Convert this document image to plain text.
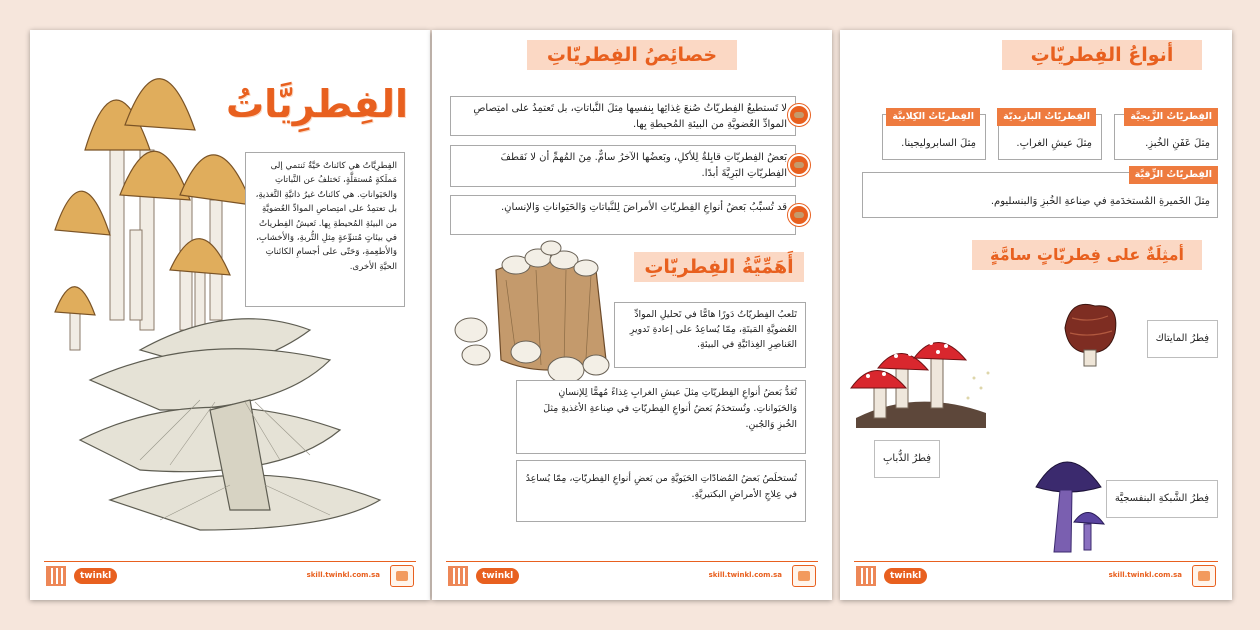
الفِطرِيَّاتُ
الفِطرِيَّاتُ هي كائناتٌ حَيَّةٌ تَنتمي إلى مَملَكةٍ مُستقلَّةٍ، تَختلفُ عن النَّباتاتِ وَالحَيَواناتِ. هي كائناتٌ غيرُ ذاتيَّةِ التَّغذيةِ، بل تعتمِدُ على امتِصاصِ الموادِّ العُضويَّةِ من البيئةِ المُحيطةِ بِها. تَعيشُ الفِطرياتُ في بيئاتٍ مُتنوِّعةٍ مِثلِ التُّربةِ، وَالأخشابِ، وَالأطعِمةِ، وَحَتّى على أجسامِ الكائناتِ الحيَّةِ الأخرى.
twinkl	skill.twinkl.com.sa
خصائِصُ الفِطريّاتِ
لا تَستطيعُ الفِطريّاتُ صُنعَ غِذائِها بِنفسِها مِثلَ النَّباتاتِ، بل تَعتمِدُ على امتِصاصِ الموادِّ العُضويَّةِ من البيئةِ المُحيطةِ بِها.
بَعضُ الفِطريّاتِ قابِلةٌ لِلأكلِ، وبَعضُها الآخرُ سامٌّ. مِنَ المُهمِّ أن لا نَقطفَ الفِطريّاتِ البَرِيَّةَ أبدًا.
قد تُسبِّبُ بَعضُ أنواعِ الفِطريّاتِ الأمراضَ لِلنَّباتاتِ وَالحَيَواناتِ وَالإنسانِ.
أَهَمِّيَّةُ الفِطريّاتِ
تَلعبُ الفِطريّاتُ دَورًا هامًّا في تَحليلِ الموادِّ العُضويَّةِ المَيتَةِ، مِمّا يُساعِدُ على إعادةِ تَدويرِ العَناصِرِ الغِذائيَّةِ في البيئةِ.
تُعَدُّ بَعضُ أنواعِ الفِطريّاتِ مِثلَ عيشِ الغرابِ غِذاءً مُهمًّا لِلإنسانِ وَالحَيَواناتِ. وتُستخدَمُ بَعضُ أنواعِ الفِطريّاتِ في صِناعةِ الأغذيةِ مِثلَ الخُبزِ وَالجُبنِ.
تُستخلَصُ بَعضُ المُضادّاتِ الحَيَويَّةِ من بَعضِ أنواعِ الفِطريّاتِ، مِمّا يُساعِدُ في عِلاجِ الأمراضِ البكتيريَّةِ.
twinkl	skill.twinkl.com.sa
أنواعُ الفِطريّاتِ
الفِطريّاتُ الزَّيجيَّة
مِثلَ عَفَنِ الخُبزِ.
الفِطريّاتُ البازيديّة
مِثلَ عيشِ الغرابِ.
الفِطريّاتُ الكِلابيَّة
مِثلَ السابروليجينا.
الفِطريّاتُ الزِّقيَّة
مِثلَ الخَميرةِ المُستخدَمةِ في صِناعةِ الخُبزِ وَالبنسليوم.
أمثِلَةٌ على فِطريّاتٍ سامَّةٍ
فِطرُ المايتاك
فِطرُ الذُّبابِ
فِطرُ الشَّبكةِ البنفسجيَّة
twinkl	skill.twinkl.com.sa
